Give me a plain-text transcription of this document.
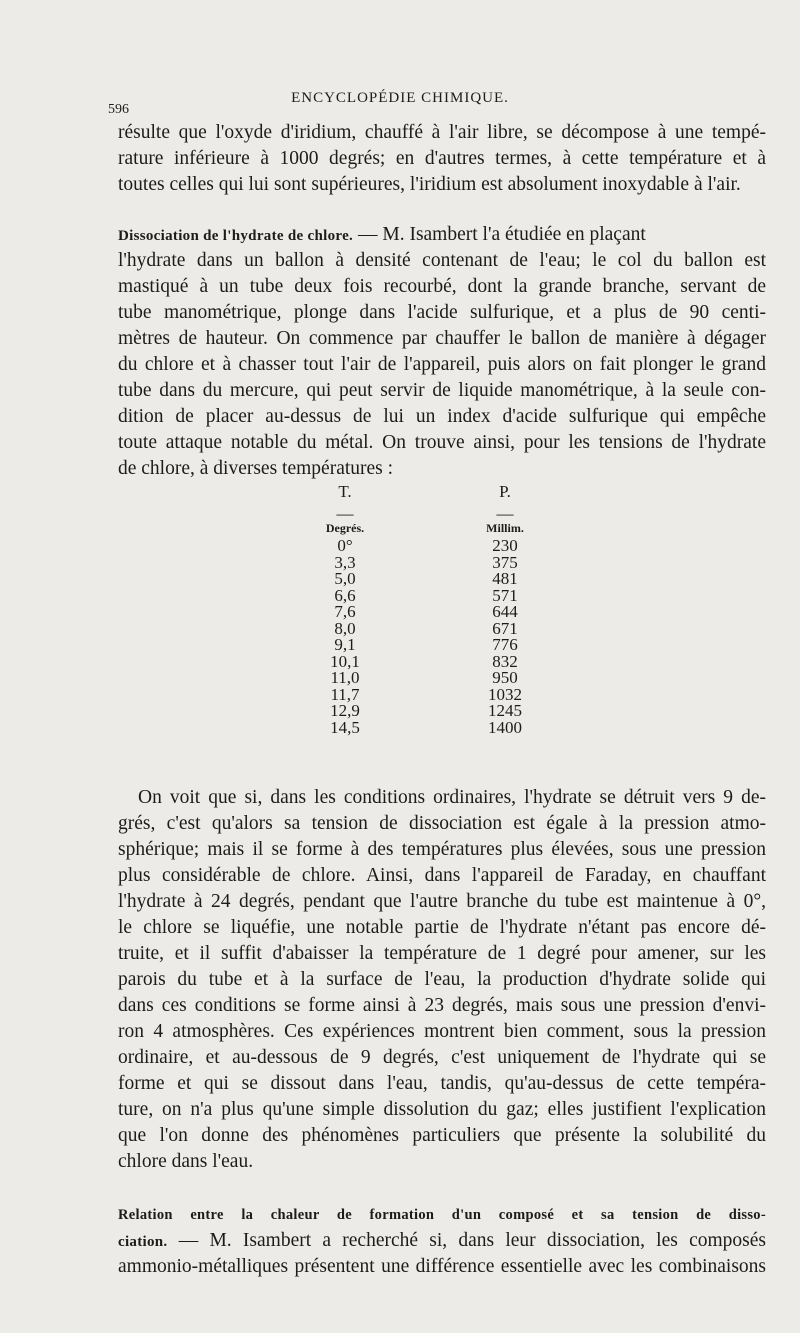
596
ENCYCLOPÉDIE CHIMIQUE.
résulte que l'oxyde d'iridium, chauffé à l'air libre, se décompose à une tempé-
rature inférieure à 1000 degrés; en d'autres termes, à cette température et à
toutes celles qui lui sont supérieures, l'iridium est absolument inoxydable à l'air.
Dissociation de l'hydrate de chlore. — M. Isambert l'a étudiée en plaçant
l'hydrate dans un ballon à densité contenant de l'eau; le col du ballon est
mastiqué à un tube deux fois recourbé, dont la grande branche, servant de
tube manométrique, plonge dans l'acide sulfurique, et a plus de 90 centi-
mètres de hauteur. On commence par chauffer le ballon de manière à dégager
du chlore et à chasser tout l'air de l'appareil, puis alors on fait plonger le grand
tube dans du mercure, qui peut servir de liquide manométrique, à la seule con-
dition de placer au-dessus de lui un index d'acide sulfurique qui empêche
toute attaque notable du métal. On trouve ainsi, pour les tensions de l'hydrate
de chlore, à diverses températures :
T.
—
Degrés.
0°
3,3
5,0
6,6
7,6
8,0
9,1
10,1
11,0
11,7
12,9
14,5
P.
—
Millim.
230
375
481
571
644
671
776
832
950
1032
1245
1400
On voit que si, dans les conditions ordinaires, l'hydrate se détruit vers 9 de-
grés, c'est qu'alors sa tension de dissociation est égale à la pression atmo-
sphérique; mais il se forme à des températures plus élevées, sous une pression
plus considérable de chlore. Ainsi, dans l'appareil de Faraday, en chauffant
l'hydrate à 24 degrés, pendant que l'autre branche du tube est maintenue à 0°,
le chlore se liquéfie, une notable partie de l'hydrate n'étant pas encore dé-
truite, et il suffit d'abaisser la température de 1 degré pour amener, sur les
parois du tube et à la surface de l'eau, la production d'hydrate solide qui
dans ces conditions se forme ainsi à 23 degrés, mais sous une pression d'envi-
ron 4 atmosphères. Ces expériences montrent bien comment, sous la pression
ordinaire, et au-dessous de 9 degrés, c'est uniquement de l'hydrate qui se
forme et qui se dissout dans l'eau, tandis, qu'au-dessus de cette tempéra-
ture, on n'a plus qu'une simple dissolution du gaz; elles justifient l'explication
que l'on donne des phénomènes particuliers que présente la solubilité du
chlore dans l'eau.
Relation entre la chaleur de formation d'un composé et sa tension de disso-
ciation. — M. Isambert a recherché si, dans leur dissociation, les composés
ammonio-métalliques présentent une différence essentielle avec les combinaisons
